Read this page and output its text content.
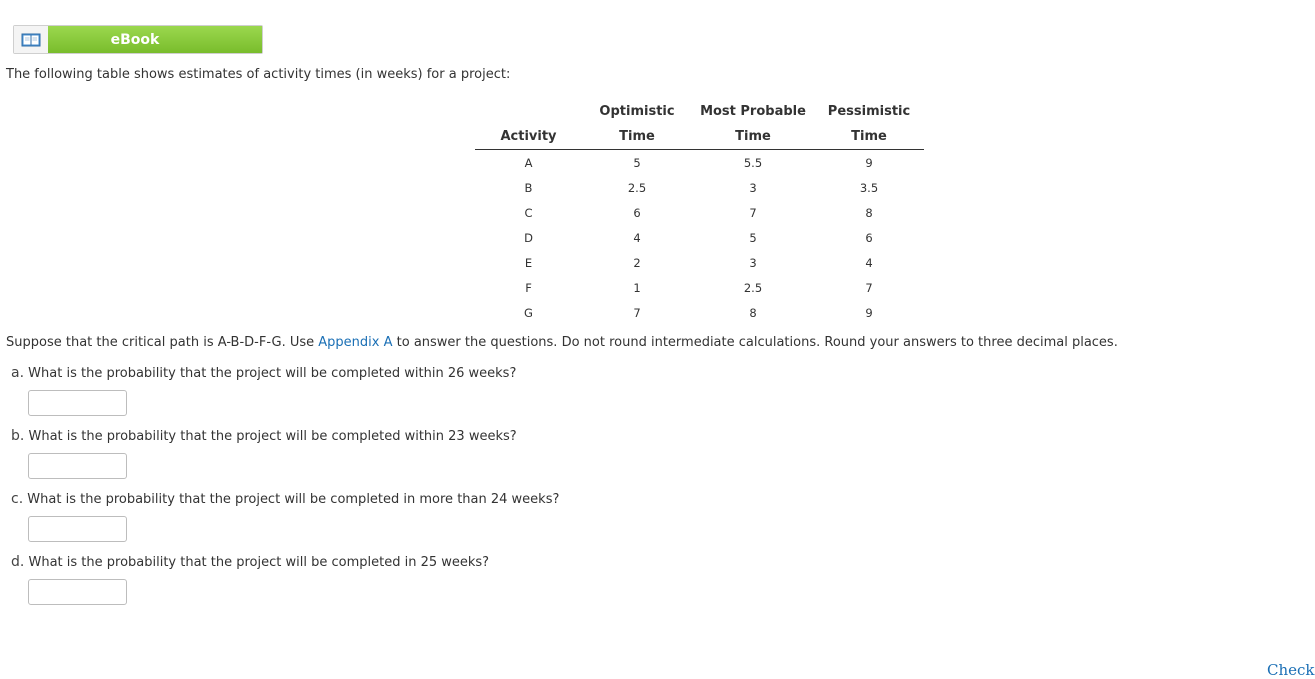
eBook

The following table shows estimates of activity times (in weeks) for a project:

	Optimistic	Most Probable	Pessimistic
Activity	Time	Time	Time
A	5	5.5	9
B	2.5	3	3.5
C	6	7	8
D	4	5	6
E	2	3	4
F	1	2.5	7
G	7	8	9

Suppose that the critical path is A-B-D-F-G. Use Appendix A to answer the questions. Do not round intermediate calculations. Round your answers to three decimal places.

a. What is the probability that the project will be completed within 26 weeks?

b. What is the probability that the project will be completed within 23 weeks?

c. What is the probability that the project will be completed in more than 24 weeks?

d. What is the probability that the project will be completed in 25 weeks?

Check
